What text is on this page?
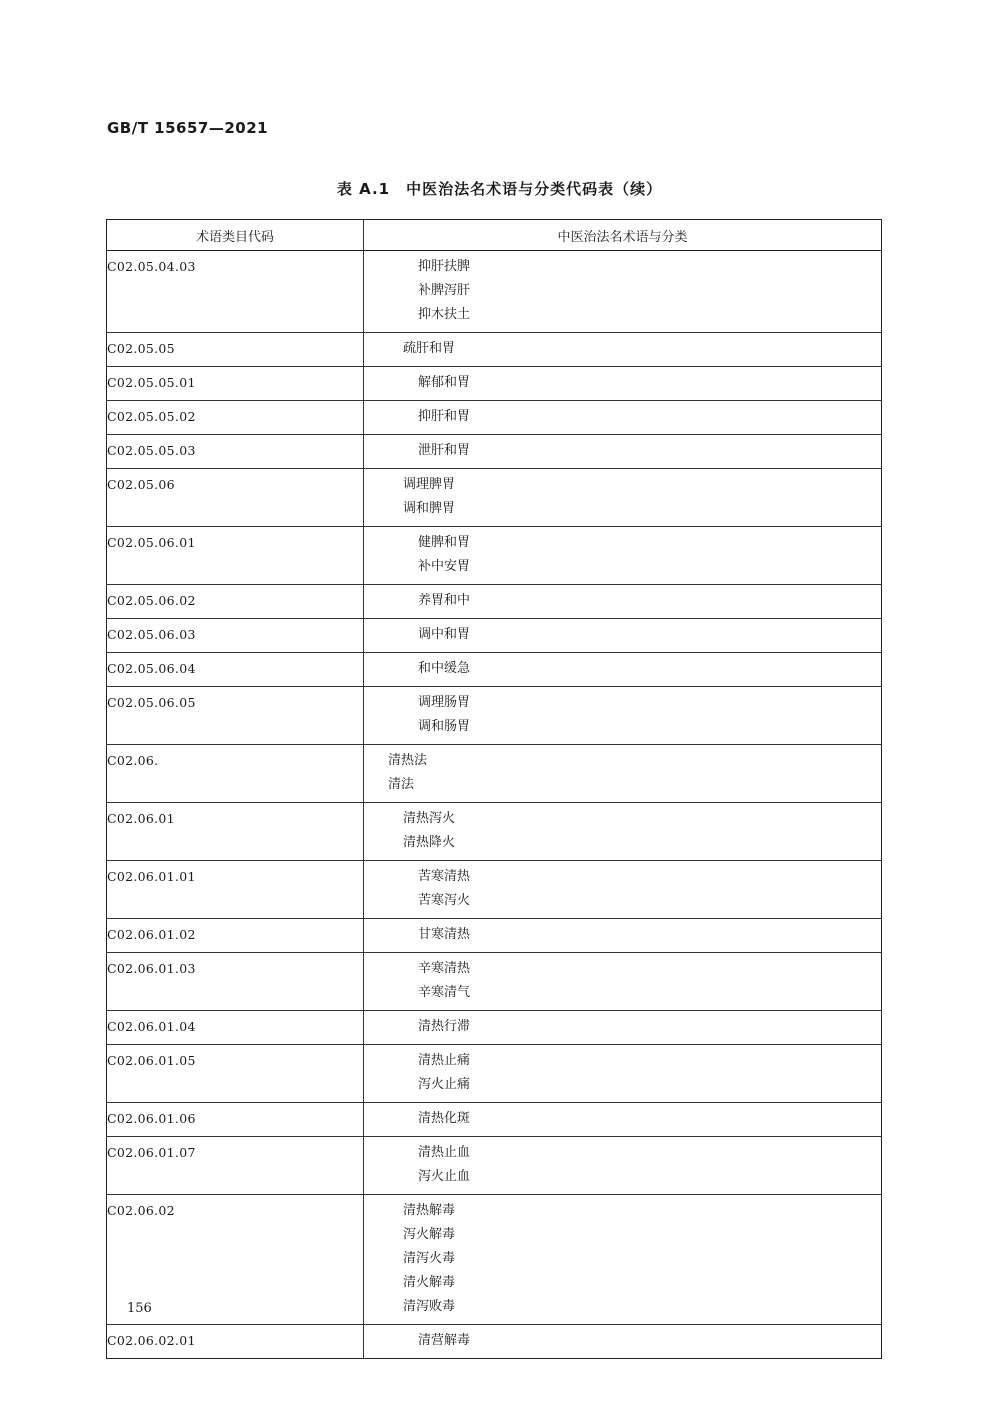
GB/T 15657—2021
表 A.1　中医治法名术语与分类代码表（续）
术语类目代码	中医治法名术语与分类
C02.05.04.03	抑肝扶脾
补脾泻肝
抑木扶土

C02.05.05	疏肝和胃

C02.05.05.01	解郁和胃

C02.05.05.02	抑肝和胃

C02.05.05.03	泄肝和胃

C02.05.06	调理脾胃
调和脾胃

C02.05.06.01	健脾和胃
补中安胃

C02.05.06.02	养胃和中

C02.05.06.03	调中和胃

C02.05.06.04	和中缓急

C02.05.06.05	调理肠胃
调和肠胃

C02.06.	清热法
清法

C02.06.01	清热泻火
清热降火

C02.06.01.01	苦寒清热
苦寒泻火

C02.06.01.02	甘寒清热

C02.06.01.03	辛寒清热
辛寒清气

C02.06.01.04	清热行滞

C02.06.01.05	清热止痛
泻火止痛

C02.06.01.06	清热化斑

C02.06.01.07	清热止血
泻火止血

C02.06.02	清热解毒
泻火解毒
清泻火毒
清火解毒
清泻败毒

C02.06.02.01	清营解毒
156
